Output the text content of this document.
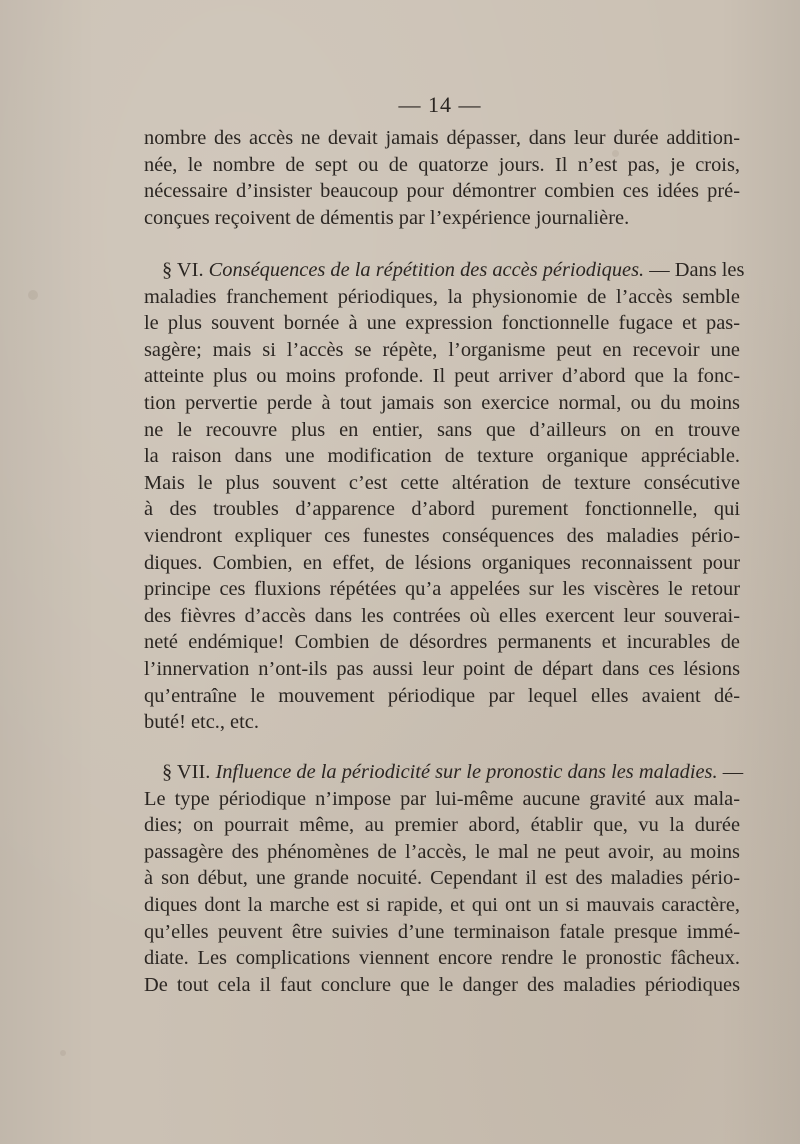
— 14 —
nombre des accès ne devait jamais dépasser, dans leur durée addition-
née, le nombre de sept ou de quatorze jours. Il n’est pas, je crois,
nécessaire d’insister beaucoup pour démontrer combien ces idées pré-
conçues reçoivent de démentis par l’expérience journalière.
§ VI. Conséquences de la répétition des accès périodiques. — Dans les
maladies franchement périodiques, la physionomie de l’accès semble
le plus souvent bornée à une expression fonctionnelle fugace et pas-
sagère; mais si l’accès se répète, l’organisme peut en recevoir une
atteinte plus ou moins profonde. Il peut arriver d’abord que la fonc-
tion pervertie perde à tout jamais son exercice normal, ou du moins
ne le recouvre plus en entier, sans que d’ailleurs on en trouve
la raison dans une modification de texture organique appréciable.
Mais le plus souvent c’est cette altération de texture consécutive
à des troubles d’apparence d’abord purement fonctionnelle, qui
viendront expliquer ces funestes conséquences des maladies pério-
diques. Combien, en effet, de lésions organiques reconnaissent pour
principe ces fluxions répétées qu’a appelées sur les viscères le retour
des fièvres d’accès dans les contrées où elles exercent leur souverai-
neté endémique! Combien de désordres permanents et incurables de
l’innervation n’ont-ils pas aussi leur point de départ dans ces lésions
qu’entraîne le mouvement périodique par lequel elles avaient dé-
buté! etc., etc.
§ VII. Influence de la périodicité sur le pronostic dans les maladies. —
Le type périodique n’impose par lui-même aucune gravité aux mala-
dies; on pourrait même, au premier abord, établir que, vu la durée
passagère des phénomènes de l’accès, le mal ne peut avoir, au moins
à son début, une grande nocuité. Cependant il est des maladies pério-
diques dont la marche est si rapide, et qui ont un si mauvais caractère,
qu’elles peuvent être suivies d’une terminaison fatale presque immé-
diate. Les complications viennent encore rendre le pronostic fâcheux.
De tout cela il faut conclure que le danger des maladies périodiques
